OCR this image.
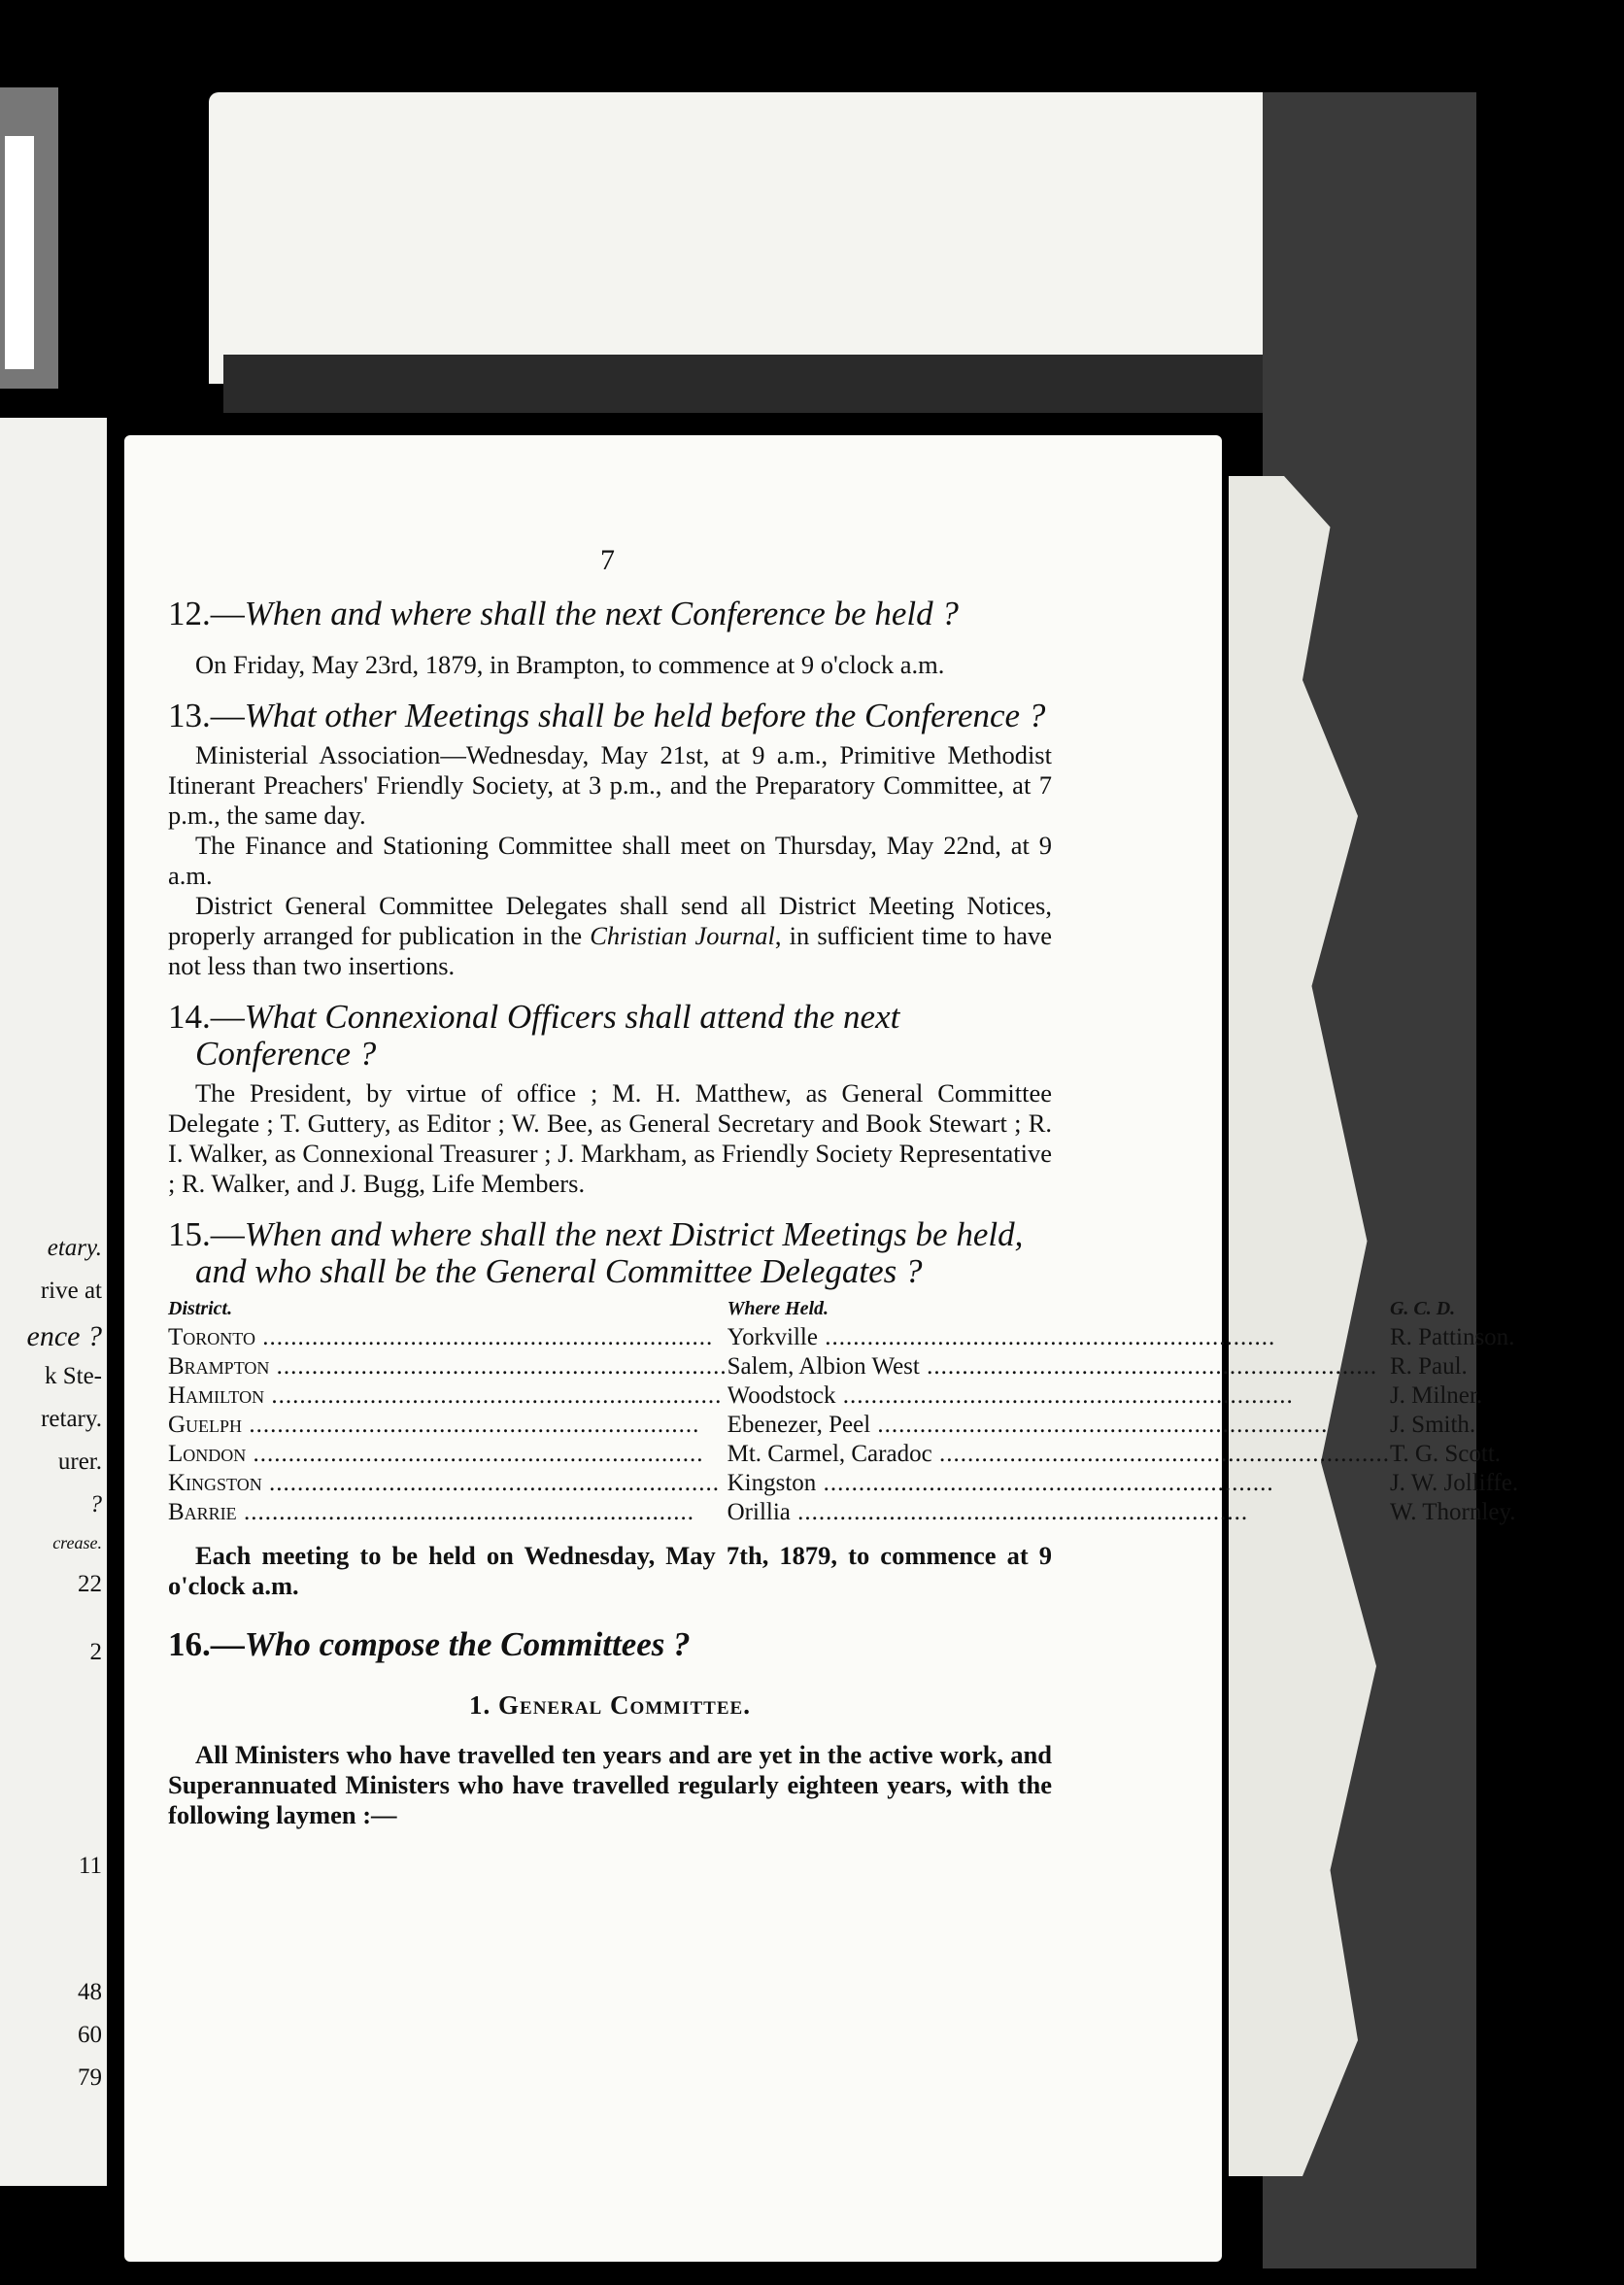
etary.
rive at
ence ?
k Ste-
retary.
urer.
?
crease.
22
2
11
48
60
79
7

12.—When and where shall the next Conference be held ?

On Friday, May 23rd, 1879, in Brampton, to commence at 9 o'clock a.m.

13.—What other Meetings shall be held before the Conference ?

Ministerial Association—Wednesday, May 21st, at 9 a.m., Primitive Methodist Itinerant Preachers' Friendly Society, at 3 p.m., and the Preparatory Committee, at 7 p.m., the same day.

The Finance and Stationing Committee shall meet on Thursday, May 22nd, at 9 a.m.

District General Committee Delegates shall send all District Meeting Notices, properly arranged for publication in the Christian Journal, in sufficient time to have not less than two insertions.

14.—What Connexional Officers shall attend the next Conference ?

The President, by virtue of office ; M. H. Matthew, as General Committee Delegate ; T. Guttery, as Editor ; W. Bee, as General Secretary and Book Stewart ; R. I. Walker, as Connexional Treasurer ; J. Markham, as Friendly Society Representative ; R. Walker, and J. Bugg, Life Members.

15.—When and where shall the next District Meetings be held, and who shall be the General Committee Delegates ?

District.	Where Held.	G. C. D.
Toronto .....	Yorkville .....	R. Pattinson.
Brampton .....	Salem, Albion West .....	R. Paul.
Hamilton .....	Woodstock .....	J. Milner.
Guelph .....	Ebenezer, Peel .....	J. Smith.
London .....	Mt. Carmel, Caradoc .....	T. G. Scott.
Kingston .....	Kingston .....	J. W. Jolliffe.
Barrie .....	Orillia .....	W. Thornley.

Each meeting to be held on Wednesday, May 7th, 1879, to commence at 9 o'clock a.m.

16.—Who compose the Committees ?

1. General Committee.

All Ministers who have travelled ten years and are yet in the active work, and Superannuated Ministers who have travelled regularly eighteen years, with the following laymen :—
